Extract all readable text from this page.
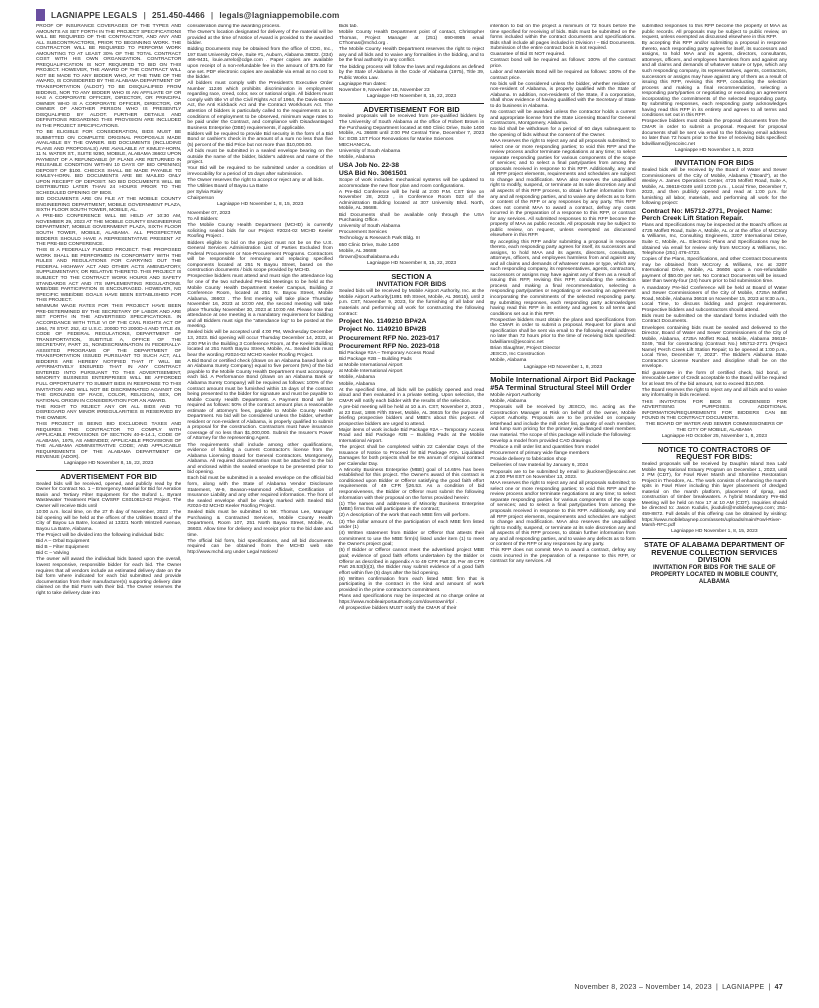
LAGNIAPPE LEGALS | 251.450-4466 | legals@lagniappemobile.com
PROOF OF INSURANCE COVERAGES OF THE TYPES AND AMOUNTS AS SET FORTH IN THE PROJECT SPECIFICATIONS WILL BE REQUIRED OF THE CONTRACTOR, AND ANY AND ALL SUBCONTRACTORS, PRIOR TO BEGINNING WORK. THE CONTRACTOR WILL BE REQUIRED TO PERFORM WORK AMOUNTING TO AT LEAST 30% OF THE TOTAL CONTRACT COST WITH HIS OWN ORGANIZATION. CONTRACTOR PREQUALIFICATION IS NOT REQUIRED TO BID ON THIS PROJECT. HOWEVER, THE AWARD OF THE CONTRACT WILL NOT BE MADE TO ANY BIDDER WHO, AT THE TIME OF THE AWARD, IS CONSIDERED BY THE ALABAMA DEPARTMENT OF TRANSPORTATION (ALDOT) TO BE DISQUALIFIED FROM BIDDING, NOR TO ANY BIDDER WHO IS AN AFFILIATE OF OR HAS A CORPORATE OFFICER, DIRECTOR, OR PRINCIPAL OWNER WHO IS A CORPORATE OFFICER, DIRECTOR, OR OWNER OF ANOTHER PERSON WHO IS PRESENTLY DISQUALIFIED BY ALDOT. FURTHER DETAILS AND DEFINITIONS REGARDING THIS PROVISION ARE INCLUDED IN THE PROJECT SPECIFICATIONS.
TO BE ELIGIBLE FOR CONSIDERATION, BIDS MUST BE SUBMITTED ON COMPLETE ORIGINAL PROPOSALS MADE AVAILABLE BY THE OWNER. BID DOCUMENTS (INCLUDING PLANS AND PROPOSALS) ARE AVAILABLE AT KIMLEY-HORN, 11 N. WATER ST., SUITE 9290, MOBILE, ALABAMA 36602 UPON PAYMENT OF A REFUNDABLE (IF PLANS ARE RETURNED IN REUSABLE CONDITION WITHIN 10 DAYS OF BID OPENING) DEPOSIT OF $100. CHECKS SHALL BE MADE PAYABLE TO KIMLEY-HORN. BID DOCUMENTS ARE BE MAILED ONLY UPON RECEIPT OF DEPOSIT. NO BID DOCUMENTS WILL BE DISTRIBUTED LATER THAN 24 HOURS PRIOR TO THE SCHEDULED OPENING OF BIDS.
BID DOCUMENTS ARE ON FILE AT THE MOBILE COUNTY ENGINEERING DEPARTMENT, MOBILE GOVERNMENT PLAZA, SIXTH FLOOR SOUTH TOWER, MOBILE, AL.
A PRE-BID CONFERENCE WILL BE HELD AT 10:30 AM, NOVEMBER 29, 2023 AT THE MOBILE COUNTY ENGINEERING DEPARTMENT, MOBILE GOVERNMENT PLAZA, SIXTH FLOOR SOUTH TOWER, MOBILE, ALABAMA. ALL PROSPECTIVE BIDDERS SHOULD HAVE A REPRESENTATIVE PRESENT AT THE PRE-BID CONFERENCE.
THIS IS A FEDERALLY FUNDED PROJECT. THE PROPOSED WORK SHALL BE PERFORMED IN CONFORMITY WITH THE RULES AND REGULATIONS FOR CARRYING OUT THE FEDERAL HIGHWAY ACT AND OTHER ACTS AMENDATORY, SUPPLEMENTARY, OR RELATIVE THERETO. THIS PROJECT IS SUBJECT TO THE CONTRACT WORK HOURS AND SAFETY STANDARDS ACT AND ITS IMPLEMENTING REGULATIONS. WBE/DBE PARTICIPATION IS ENCOURAGED. HOWEVER, NO SPECIFIC WBE/DBE GOALS HAVE BEEN ESTABLISHED FOR THIS PROJECT.
MINIMUM WAGE RATES FOR THIS PROJECT HAVE BEEN PRE-DETERMINED BY THE SECRETARY OF LABOR AND ARE SET FORTH IN THE ADVERTISED SPECIFICATIONS. IN ACCORDANCE WITH TITLE VI OF THE CIVIL RIGHTS ACT OF 1964, 78 STAT. 252, 42 U.S.C. 2000D TO 2000D-4 AND TITLE 49, CODE OF FEDERAL REGULATIONS, DEPARTMENT OF TRANSPORTATION, SUBTITLE A, OFFICE OF THE SECRETARY, PART 21, NONDISCRIMINATION IN FEDERALLY-ASSISTED PROGRAMS OF THE DEPARTMENT OF TRANSPORTATION ISSUED PURSUANT TO SUCH ACT, ALL BIDDERS ARE HEREBY NOTIFIED THAT IT WILL BE AFFIRMATIVELY ENSURED THAT IN ANY CONTRACT ENTERED INTO PURSUANT TO THIS ADVERTISEMENT, MINORITY BUSINESS ENTERPRISES WILL BE AFFORDED FULL OPPORTUNITY TO SUBMIT BIDS IN RESPONSE TO THIS INVITATION AND WILL NOT BE DISCRIMINATED AGAINST ON THE GROUNDS OF RACE, COLOR, RELIGION, SEX, OR NATIONAL ORIGIN IN CONSIDERATION FOR AN AWARD.
THE RIGHT TO REJECT ANY OR ALL BIDS AND TO DISREGARD ANY MINOR IRREGULARITIES IS RESERVED BY THE OWNER.
THIS PROJECT IS BEING BID EXCLUDING TAXES AND REQUIRES THE CONTRACTOR TO COMPLY WITH APPLICABLE PROVISIONS OF SECTION 40-9-14.1, CODE OF ALABAMA, 1975, AS AMENDED; APPLICABLE PROVISIONS OF THE ALABAMA ADMINISTRATIVE CODE; AND APPLICABLE REQUIREMENTS OF THE ALABAMA DEPARTMENT OF REVENUE (ADOR).
Lagniappe HD November 8, 15, 22, 2023
ADVERTISEMENT FOR BID
Sealed bids will be received, opened, and publicly read by the Owner for Contract No. 1 – Emergency Material for Bid for Aeration Basin and Tertiary Filter Equipment for the Buford L. Byrant Wastewater Treatment Plant CWSRF CS010813-02 Project. The Owner will receive Bids until
10:00 a.m. local time, on the 27 th day of November, 2023 . The bid opening will be held at the offices of the Utilities Board of the City of Bayou La Batre, located at 13321 North Wintzell Avenue, Bayou La Batre, Alabama.
The Project will be divided into the following individual bids:
Bid A – Orbal Equipment
Bid B – Filter Equipment
Bid C – Valving
The owner will award the individual bids based upon the overall, lowest responsive, responsible bidder for each bid. The Owner requires that all vendors include an estimated delivery date on the bid form where indicated for each bid submitted and provide documentation from their manufacturer(s) supporting delivery date claimed on the Bid Form with their bid. The Owner reserves the right to take delivery date into
consideration during the awarding process.
The Owner's location designated for delivery of the material will be provided at the time of Notice of Award is provided to the awarded bidder.
Bidding Documents may be obtained from the office of CDG, Inc., 197 East University Drive, Suite #1, Auburn, Alabama 36832. (334) 466-9431, louie.arrelo@cdge.com . Paper copies are available upon receipt of a non-refundable fee in the amount of $75.00 for one set. PDF electronic copies are available via email at no cost to the bidder.
All bidders must comply with the President's Executive Order Number 11246 which prohibits discrimination in employment regarding race, creed, color, sex or national origin. All bidders must comply with title VI of the Civil Rights Act of 1964, the Davis-Bacon Act, the Anti Kickback Act and the Contract Workhours Act. The attention of bidders is particularly called to the requirements as to conditions of employment to be observed, minimum wage rates to be paid under the Contract, and compliance with Disadvantaged Business Enterprise (DBE) requirements, if applicable.
Bidders will be required to provide Bid security in the form of a Bid Bond or cashier's check in the amount of a sum no less than five (5) percent of the Bid Price but not more than $10,000.00.
All bids must be submitted in a sealed envelope bearing on the outside the name of the bidder, bidder's address and name of the project.
Your Bid will be required to be submitted under a condition of irrevocability for a period of 15 days after submission.
The Owner reserves the right to accept or reject any or all bids.
The Utilities Board of Bayou La Batre
per Sylvia Raley
Chairperson
Lagniappe HD November 1, 8, 15, 2023
November 07, 2023
To All Bidders:
The Mobile County Health Department (MCHD) is currently soliciting sealed bids for our Project #2024-02 MCHD Keeler Roofing Project .
Bidders eligible to bid on the project must not be on the U.S. General Services Administration List of Parties Excluded from Federal Procurement or Non-Procurement Programs. Contractors will be responsible for removing and replacing specified components located at 251 N Bayou Street, based on the construction documents / bids scope provided by MCHD.
Prospective bidders must attend and must sign the attendance log for one of the two scheduled Pre-Bid Meetings to be held at the Mobile County Health Department Keeler Campus, Building 2 Conference Room, located at 251 N. Bayou Street, Mobile Alabama, 36603 . The first meeting will take place Thursday November 16, 2023 at 10:00 AM, the second meeting will take place Thursday November 30, 2023 at 10:00 AM. Please note that attendance at one meeting is a mandatory requirement for bidding and all Bidders must sign the "attendance log" to be posted at the meeting.
Sealed bids will be accepted until 4:00 PM, Wednesday December 13, 2023. Bid opening will occur Thursday December 14, 2023, at 2:00 PM in the Building 3 Conference Room, at the Keeler Building located at 251 North Bayou Street, Mobile, AL. Sealed bids must bear the wording #2024-02 MCHD Keeler Roofing Project.
A Bid Bond or certified check (drawn on an Alabama based bank or an Alabama Surety Company) equal to five percent (5%) of the bid payable to the Mobile County Health Department must accompany each bid. A Performance Bond (drawn on an Alabama Bank or Alabama Surety Company) will be required as follows: 100% of the contract amount must be furnished within 15 days of the contract being presented to the bidder for signature and must be payable to Mobile County Health Department. A Payment Bond will be required as follows: 50% of the contract amount plus a reasonable estimate of attorney's fees, payable to Mobile County Health Department. No bid will be considered unless the bidder, whether resident or non-resident of Alabama, is properly qualified to submit a proposal for the construction. Contractors must have insurance coverage of no less than $1,000,000. Submit the Insurer's Power of Attorney for the representing Agent.
The requirements shall include among other qualifications, evidence of holding a current Contractor's license from the Alabama Licensing Board for General Contractors. Montgomery, Alabama. All required documentation must be attached to the bid and enclosed within the sealed envelope to be presented prior to bid opening.
Each bid must be submitted in a sealed envelope on the official bid form, along with the State of Alabama Vendor Disclosure Statement, W-9, Beason-Hammond Affidavit, Certification of Insurance Liability and any other required information. The front of the sealed envelope shall be clearly marked with Sealed Bid #2024-02 MCHD Keeler Roofing Project.
Sealed Bids must be submitted to Mr. Thomas Lee, Manager Purchasing & Contracted Services, Mobile County Health Department, Room 107, 251 North Bayou Street, Mobile, AL 36603. Allow time for delivery and receipt prior to the bid date and time.
The official bid form, bid specifications, and all bid documents required can be obtained from the MCHD web site http://www.mchd.org under Legal Notices/
Bids tab.
Mobile County Health Department point of contact, Christopher Thomas, Project Manager at (251) 690-8985 email CThomas@mchd.org .
The Mobile County Health Department reserves the right to reject any and all bids and to waive any formalities in the bidding, and to be the final authority in any conflict.
The bidding process will follow the laws and regulations as defined by the State of Alabama in the Code of Alabama (1975), Title 39, Public Works Law.
Lagniappe Run dates:
November 9, November 16, November 23
Lagniappe HD November 8, 15, 22, 2023
ADVERTISEMENT FOR BID
Sealed proposals will be received from pre-qualified bidders by The University of South Alabama at the office of Robert Brown in the Purchasing Department located at 650 Clinic Drive, Suite 1400 Mobile, AL 36688 until 2:00 PM Central Time, December 7, 2023 for: EOB 1ST Floor Renovations for Marine Sciences
MECHANICAL
University of South Alabama
Mobile, Alabama
USA Job No. 22-38
USA Bid No. 3061501
Scope of work includes: mechanical systems will be updated to accommodate the new floor plan and room configurations.
A Pre-Bid Conference will be held at 2:00 P.M. CST time on November 28, 2023 , in Conference Room 023 of the Administration Building located at 307 University Blvd. North, Mobile, AL 36688.
Bid Documents shall be available only through the USA Purchasing Office.
University of South Alabama
Procurement Services
Technology & Research Park Bldg. III
650 Clinic Drive, Suite 1400
Mobile, AL 36688
rbrown@southalabama.edu
Lagniappe HD November 8, 15, 22, 2023
SECTION A
INVITATION FOR BIDS
Sealed bids will be received by Mobile Airport Authority, Inc. at the Mobile Airport Authority(1891 9th Street, Mobile, AL 36615), until 2 p.m. CST, November 9, 2023, for the furnishing of all labor and materials and performing all work for constructing the following contract:
Project No. 1149210 BP#2A
Project No. 1149210 BP#2B
Procurement RFP No. 2023-017
Procurement RFP No. 2023-018
Bid Package #2A – Temporary Access Road
Bid Package #2B – Building Pads
at Mobile International Airport
at Mobile International Airport
Mobile, Alabama
Mobile, Alabama
At the specified time, all bids will be publicly opened and read aloud and then evaluated in a private setting. Upon selection, the CMAR will notify each bidder with the results of the selection.
A pre-bid meeting will be held at 10 a.m. CST, November 2, 2023 , at 23 East, 1886 Fifth Street, Mobile, AL 36615 for the purpose of briefing prospective bidders and MBE's about this project. All prospective bidders are urged to attend.
Major items of work include Bid Package #2A – Temporary Access Road and Bid Package #2B – Building Pads at the Mobile International Airport.
The project shall be completed within 22 Calendar Days of the Issuance of Notice to Proceed for Bid Package #2A. Liquidated Damages for both projects shall be 6% annum of original contract per Calendar Day.
A Minority Business Enterprise (MBE) goal of 14.65% has been established for this project. The Owner's award of this contract is conditioned upon Bidder or Offeror satisfying the good faith effort requirements of 49 CFR §26.53. As a condition of bid responsiveness, the Bidder or Offeror must submit the following information with their proposal on the forms provided herein:
(1) The names and addresses of Minority Business Enterprise (MBE) firms that will participate in the contract;
(2) A description of the work that each MBE firm will perform.
(3) The dollar amount of the participation of each MBE firm listed under (1)
(4) Written statement from Bidder or Offeror that attests their commitment to use the MBE firm(s) listed under item (1) to meet the Owner's project goal;
(5) If Bidder or Offeror cannot meet the advertised project MBE goal; evidence of good faith efforts undertaken by the Bidder or Offeror as described in appendix A to 49 CFR Part 26. Per 49 CFR Part 26.53(b)(3), the Bidder may submit evidence of a good faith effort within five (5) days after the bid opening.
(6) Written confirmation from each listed MBE firm that is participating in the contract in the kind and amount of work provided in the prime contractor's commitment.
Plans and specifications may be inspected at no charge online at https://www.mobileairportauthority.com/downtown/rfp/ .
All prospective bidders MUST notify the CMAR of their
intention to bid on the project a minimum of 72 hours before the time specified for receiving of bids. Bids must be submitted on the forms included within the contract documents and specifications. Bids shall include all pages included in Division I – Bid Documents. Submission of the entire contract book is not required.
Guarantee of Bid IS NOT required.
Contract bond will be required as follows: 100% of the contract price.
Labor and Materials Bond will be required as follows: 100% of the contract price.
No bids will be considered unless the bidder, whether resident or non-resident of Alabama, is properly qualified with the State of Alabama. In addition, non-residents of the State, if a corporation, shall show evidence of having qualified with the Secretary of State to do business in Alabama.
No contract will be awarded unless the contractor holds a current and appropriate license from the State Licensing Board for General Contractors, Montgomery, Alabama.
No bid shall be withdrawn for a period of 60 days subsequent to the opening of bids without the consent of the Owner.
MAA reserves the right to reject any and all proposals submitted; to select one or more responding parties; to void this RFP and the review process and/or terminate negotiations at any time; to select separate responding parties for various components of the scope of services; and to select a final party/parties from among the proposals received in response to this RFP. Additionally, any and all RFP project elements, requirements and schedules are subject to change and modification. MAA also reserves the unqualified right to modify, suspend, or terminate at its sole discretion any and all aspects of this RFP process, to obtain further information from any and all responding parties, and to waive any defects as to form or content of the RFP or any responses by any party. This RFP does not commit MAA to award a contract, defray any costs incurred in the preparation of a response to this RFP, or contract for any services. All submitted responses to this RFP become the property of MAA as public records. All proposals may be subject to public review, on request, unless exempted as discussed elsewhere in this RFP.
By accepting this RFP and/or submitting a proposal in response thereto, each responding party agrees for itself, its successors and assigns, to hold MAA and its agents, directors, consultants, attorneys, officers, and employees harmless from and against any and all claims and demands of whatever nature or type, which any such responding company, its representatives, agents, contractors, successors or assigns may have against any of them as a result of issuing this RFP, revising this RFP, conducting the selection process and making a final recommendation, selecting a responding party/parties or negotiating or executing an agreement incorporating the commitments of the selected responding party. By submitting responses, each responding party acknowledges having read this RFP in its entirety and agrees to all terms and conditions set out in this RFP.
Prospective bidders must obtain the plans and specifications from the CMAR in order to submit a proposal. Request for plans and specification shall be sent via email to the following email address no later than 72 hours prior to the time of receiving bids specified: bdwilliams@jescoinc.net
Brian Slaughter, Project Director
JESCO, Inc Construction
Mobile, Alabama
Lagniappe HD November 1, 8, 2023
Mobile International Airport Bid Package #5A Terminal Structural Steel Mill Order
Mobile Airport Authority
Mobile, Alabama
Proposals will be received by JESCO, Inc. acting as the Construction Manager at Risk on behalf of the owner, Mobile Airport Authority. Proposals are to be provided on company letterhead and include the mill order list, quantity of each member, and lump sum pricing for the primary wide flanged steel members raw material. The scope of this package will include the following:
Develop a model from provided CAD drawings
Produce a mill order list and quantities from model
Procurement of primary wide flange members
Provide delivery to fabrication shop
Deliveries of raw material by January 6, 2024
Proposals are to be submitted by email to jkuckner@jescoinc.net at 2:00 PM EST on November 13, 2023.
MAA reserves the right to reject any and all proposals submitted; to select one or more responding parties; to void this RFP and the review process and/or terminate negotiations at any time; to select separate responding parties for various components of the scope of services; and to select a final party/parties from among the proposals received in response to this RFP. Additionally, any and all RFP project elements, requirements and schedules are subject to change and modification. MAA also reserves the unqualified right to modify, suspend, or terminate at its sole discretion any and all aspects of this RFP process, to obtain further information from any and all responding parties, and to waive any defects as to form or content of the RFP or any responses by any party.
This RFP does not commit MAA to award a contract, defray any costs incurred in the preparation of a response to this RFP, or contract for any services. All
submitted responses to this RFP become the property of MAA as public records. All proposals may be subject to public review, on request, unless exempted as discussed elsewhere in this RFP.
By accepting this RFP and/or submitting a proposal in response thereto, each responding party agrees for itself, its successors and assigns, to hold MAA and its agents, directors, consultants, attorneys, officers, and employees harmless from and against any and all claims and demands of whatever nature or type, which any such responding company, its representatives, agents, contractors, successors or assigns may have against any of them as a result of issuing this RFP, revising this RFP, conducting the selection process and making a final recommendation, selecting a responding party/parties or negotiating or executing an agreement incorporating the commitments of the selected responding party. By submitting responses, each responding party acknowledges having read this RFP in its entirety and agrees to all terms and conditions set out in this RFP.
Prospective bidders must obtain the proposal documents from the CMAR in order to submit a proposal. Request for proposal documents shall be sent via email to the following email address no later than 72 hours prior to the time of receiving bids specified: bdwilliams@jescoinc.net
Lagniappe HD November 1, 8, 2023
INVITATION FOR BIDS
Sealed bids will be received by the Board of Water and Sewer Commissioners of the City of Mobile, Alabama ("Board"), at the Wesley A. James Operations Center, 4725 Moffett Road, Suite A, Mobile, AL 36618-0249 until 10:00 p.m. , Local Time, December 7, 2023, and then publicly opened and read at 1:00 p.m. for furnishing all labor, materials, and performing all work for the following project:
Contract No: M5712-2771, Project Name: Perch Creek Lift Station Repair.
Plans and Specifications may be inspected at the Board's offices at 4725 Moffett Road, Suite A, Mobile, AL or at the office of McCrory & Williams, Inc, Consulting Engineers, 3207 International Drive, Suite C, Mobile, AL. Electronic Plans and Specifications may be obtained via email for review only from McCrory & Williams, Inc. Telephone (251) 476-4723.
Copies of the Plans, Specifications, and other Contract Documents may be obtained from McCrory & Williams, Inc at 3207 International Drive, Mobile, AL 36606 upon a non-refundable payment of $50.00 per set. No Contract Documents will be issued later than twenty-four (24) hours prior to bid submission time.
A mandatory Pre-bid Conference will be held at Board of Water and Sewer Commissioners of the City of Mobile, 4725A Moffett Road, Mobile, Alabama 36618 on November 15, 2023 at 9:30 a.m., Local Time, to discuss bidding and project requirements. Prospective bidders and subcontractors should attend.
Bids must be submitted on the standard forms included with the Contract Documents.
Envelopes containing bids must be sealed and delivered to the Director, Board of Water and Sewer Commissioners of the City of Mobile, Alabama, 4725A Moffett Road, Mobile, Alabama 36618-0249, "Bid for constructing (Contract No.) M5712-2771 (Project Name) Perch Creek Lift Station Repair; to be opened at 1:00 p.m., Local Time, December 7, 2023". The Bidder's Alabama State Contractor's License Number and discipline shall be on the envelope.
Bid guarantee in the form of certified check, bid bond, or irrevocable Letter of Credit acceptable to the Board will be required for at least 5% of the bid amount, not to exceed $10,000.
The Board reserves the right to reject any and all bids and to waive any informality in bids received.
THIS INVITATION FOR BIDS IS CONDENSED FOR ADVERTISING PURPOSES. ADDITIONAL INFORMATION/REQUIREMENTS FOR BIDDERS CAN BE FOUND IN THE CONTRACT DOCUMENTS.
THE BOARD OF WATER AND SEWER COMMISSIONERS OF THE CITY OF MOBILE, ALABAMA
Lagniappe HD October 25, November 1, 8, 2023
NOTICE TO CONTRACTORS OF REQUEST FOR BIDS:
Sealed proposals will be received by Dauphin Island Sea Lab/ Mobile Bay National Estuary Program on December 1, 2023, until 2 PM (CDT), for Fowl River Marsh and Shoreline Restoration Project in Theodore, AL. The work consists of enhancing the marsh spits in Fowl River including thin layer placement of dredged material on the marsh platform, placement of riprap, and construction of timber breakwaters. A hybrid Mandatory Pre-Bid Meeting will be held on Nov 17 at 10 AM (CDT). Inquiries should be directed to: Jason Kudulis, jkudulis@mobilebaynep.com; 251-459-8872. Full details of this offering can be obtained by visiting: https://www.mobilebaynep.com/assets/uploads/main/Fowl-River-Marsh-RFC.pdf
Lagniappe HD November 1, 8, 15, 2023
STATE OF ALABAMA DEPARTMENT OF REVENUE COLLECTION SERVICES DIVISION
INVITATION FOR BIDS FOR THE SALE OF PROPERTY LOCATED IN MOBILE COUNTY, ALABAMA
November 8, 2023 – November 14, 2023 | LAGNIAPPE | 47
